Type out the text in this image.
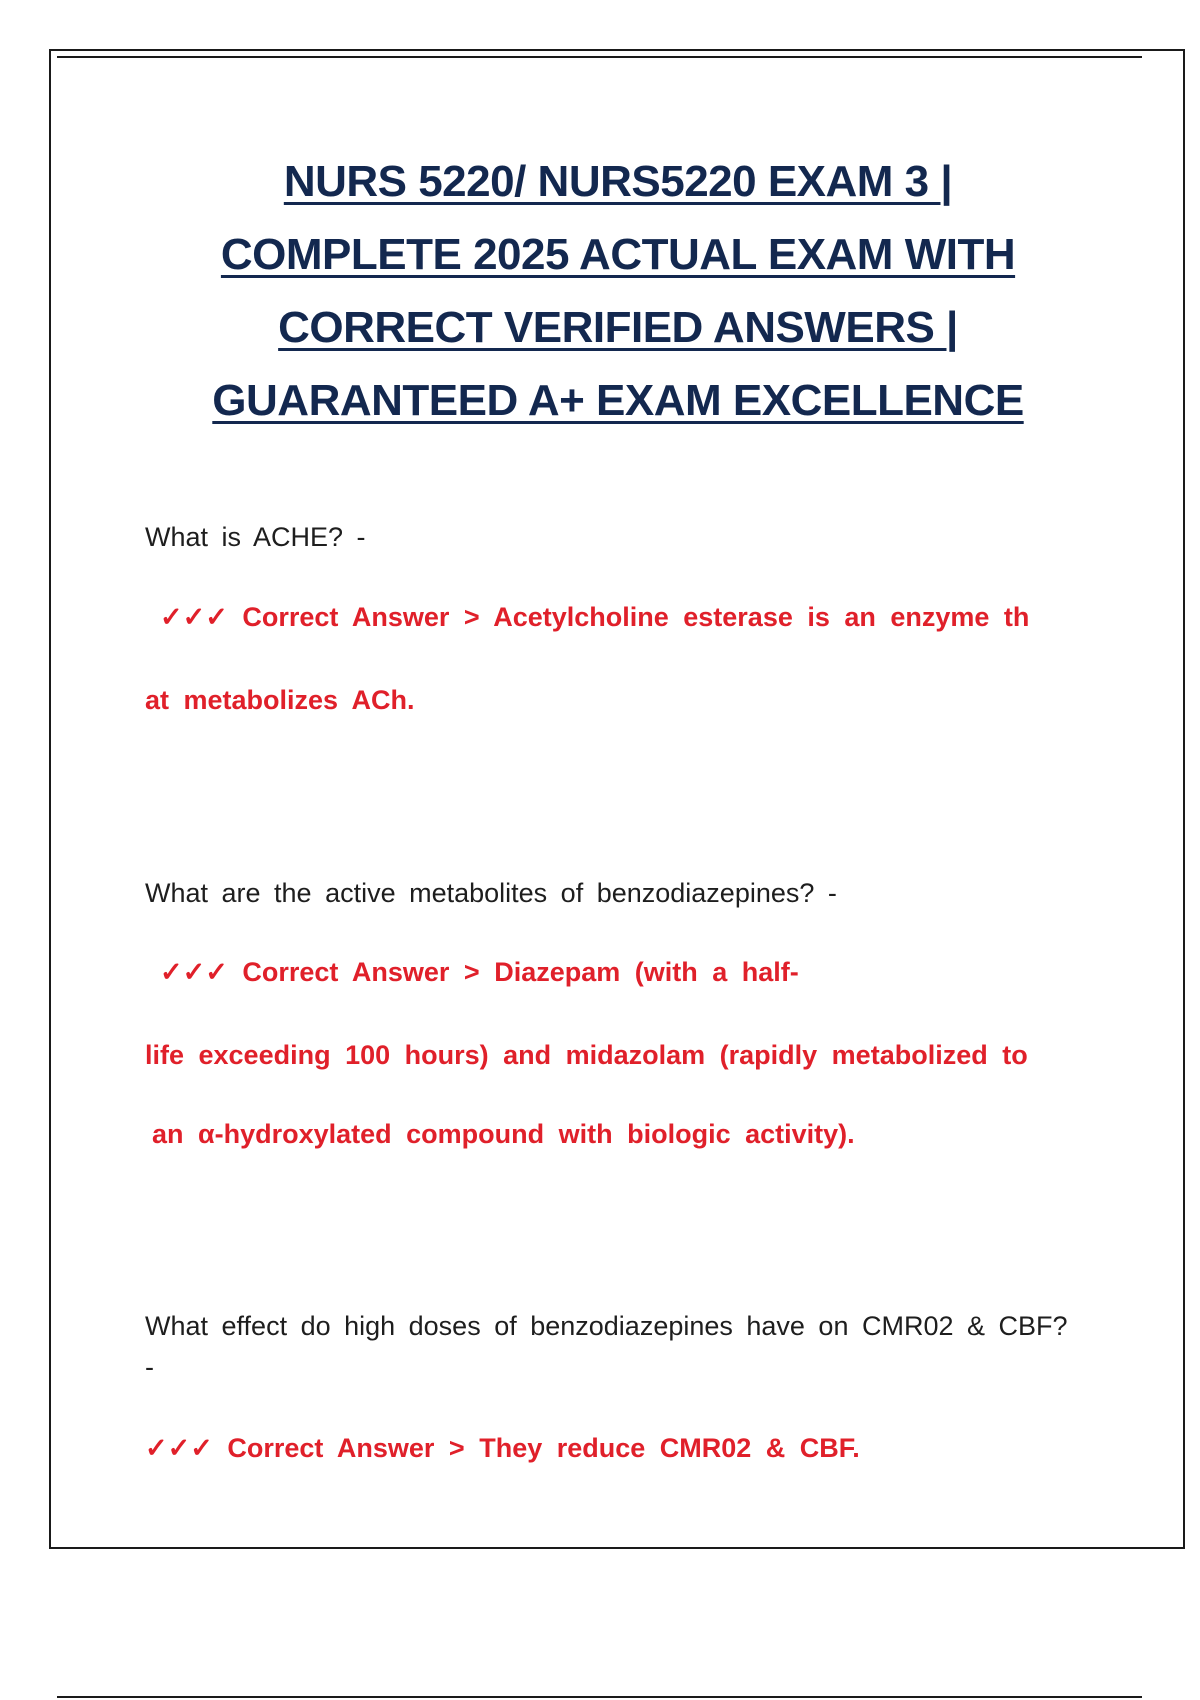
NURS 5220/ NURS5220 EXAM 3 |
COMPLETE 2025 ACTUAL EXAM WITH
CORRECT VERIFIED ANSWERS |
GUARANTEED A+ EXAM EXCELLENCE
What is ACHE? -
✓✓✓ Correct Answer > Acetylcholine esterase is an enzyme th
at metabolizes ACh.
What are the active metabolites of benzodiazepines? -
✓✓✓ Correct Answer > Diazepam (with a half-
life exceeding 100 hours) and midazolam (rapidly metabolized to
an α-hydroxylated compound with biologic activity).
What effect do high doses of benzodiazepines have on CMR02 & CBF? -
✓✓✓ Correct Answer > They reduce CMR02 & CBF.
